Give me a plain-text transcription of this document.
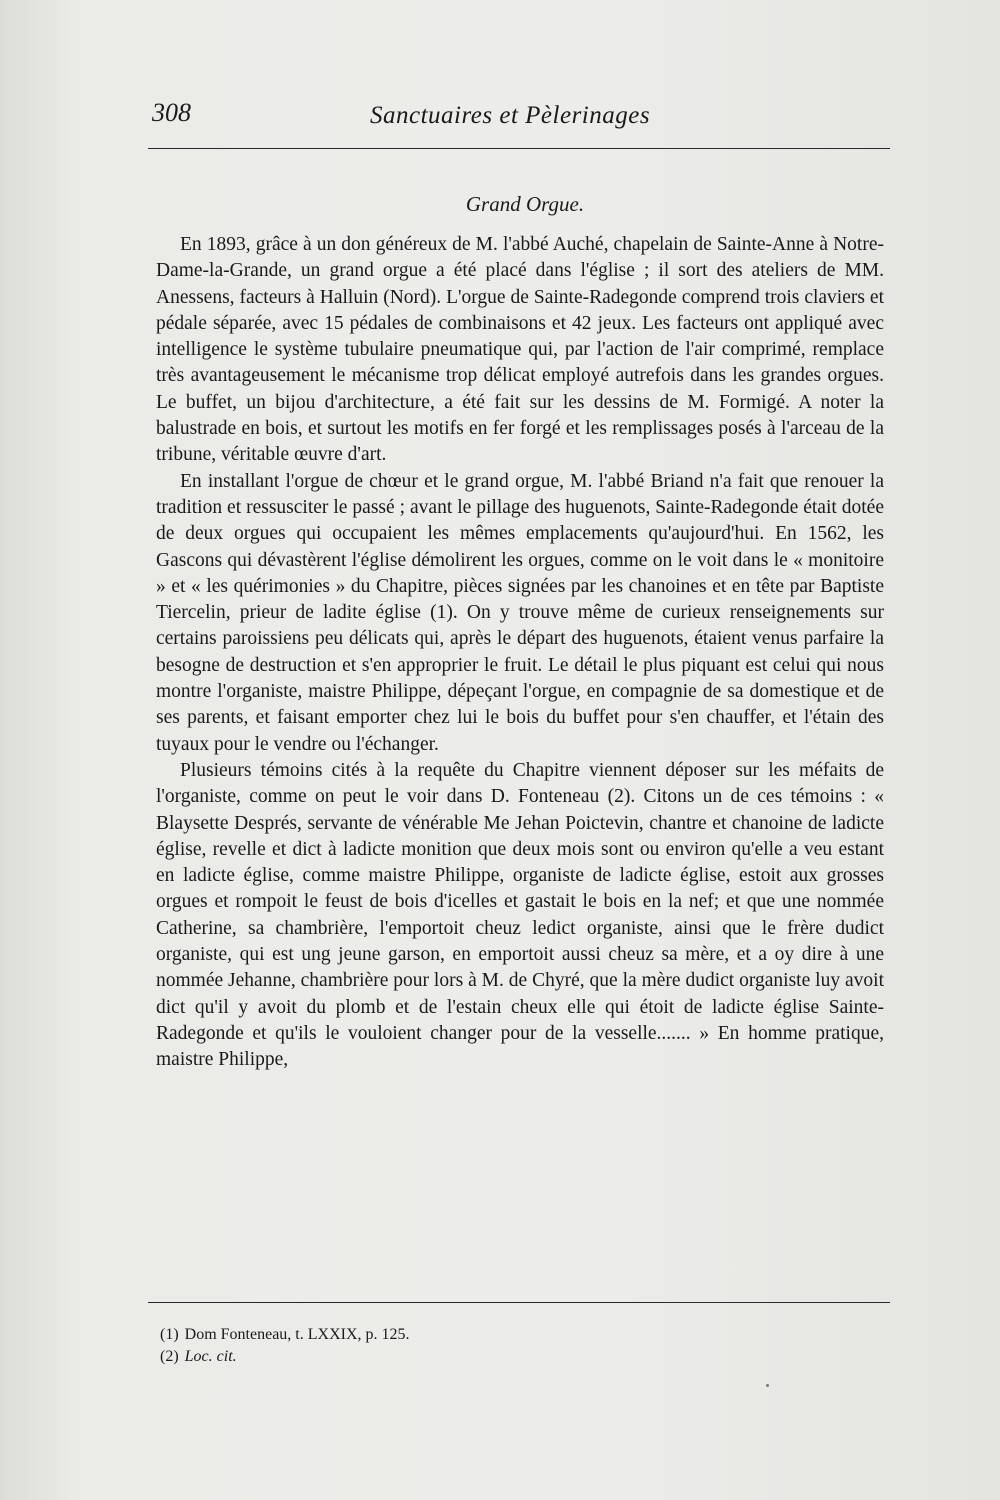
308	Sanctuaires et Pèlerinages
Grand Orgue.

En 1893, grâce à un don généreux de M. l'abbé Auché, chapelain de Sainte-Anne à Notre-Dame-la-Grande, un grand orgue a été placé dans l'église ; il sort des ateliers de MM. Anessens, facteurs à Halluin (Nord). L'orgue de Sainte-Radegonde comprend trois claviers et pédale séparée, avec 15 pédales de combinaisons et 42 jeux. Les facteurs ont appliqué avec intelligence le système tubulaire pneumatique qui, par l'action de l'air comprimé, remplace très avantageusement le mécanisme trop délicat employé autrefois dans les grandes orgues. Le buffet, un bijou d'architecture, a été fait sur les dessins de M. Formigé. A noter la balustrade en bois, et surtout les motifs en fer forgé et les remplissages posés à l'arceau de la tribune, véritable œuvre d'art.

En installant l'orgue de chœur et le grand orgue, M. l'abbé Briand n'a fait que renouer la tradition et ressusciter le passé ; avant le pillage des huguenots, Sainte-Radegonde était dotée de deux orgues qui occupaient les mêmes emplacements qu'aujourd'hui. En 1562, les Gascons qui dévastèrent l'église démolirent les orgues, comme on le voit dans le « monitoire » et « les quérimonies » du Chapitre, pièces signées par les chanoines et en tête par Baptiste Tiercelin, prieur de ladite église (1). On y trouve même de curieux renseignements sur certains paroissiens peu délicats qui, après le départ des huguenots, étaient venus parfaire la besogne de destruction et s'en approprier le fruit. Le détail le plus piquant est celui qui nous montre l'organiste, maistre Philippe, dépeçant l'orgue, en compagnie de sa domestique et de ses parents, et faisant emporter chez lui le bois du buffet pour s'en chauffer, et l'étain des tuyaux pour le vendre ou l'échanger.

Plusieurs témoins cités à la requête du Chapitre viennent déposer sur les méfaits de l'organiste, comme on peut le voir dans D. Fonteneau (2). Citons un de ces témoins : « Blaysette Després, servante de vénérable Me Jehan Poictevin, chantre et chanoine de ladicte église, revelle et dict à ladicte monition que deux mois sont ou environ qu'elle a veu estant en ladicte église, comme maistre Philippe, organiste de ladicte église, estoit aux grosses orgues et rompoit le feust de bois d'icelles et gastait le bois en la nef; et que une nommée Catherine, sa chambrière, l'emportoit cheuz ledict organiste, ainsi que le frère dudict organiste, qui est ung jeune garson, en emportoit aussi cheuz sa mère, et a oy dire à une nommée Jehanne, chambrière pour lors à M. de Chyré, que la mère dudict organiste luy avoit dict qu'il y avoit du plomb et de l'estain cheux elle qui étoit de ladicte église Sainte-Radegonde et qu'ils le vouloient changer pour de la vesselle....... » En homme pratique, maistre Philippe,

(1) Dom Fonteneau, t. LXXIX, p. 125.

(2) Loc. cit.
